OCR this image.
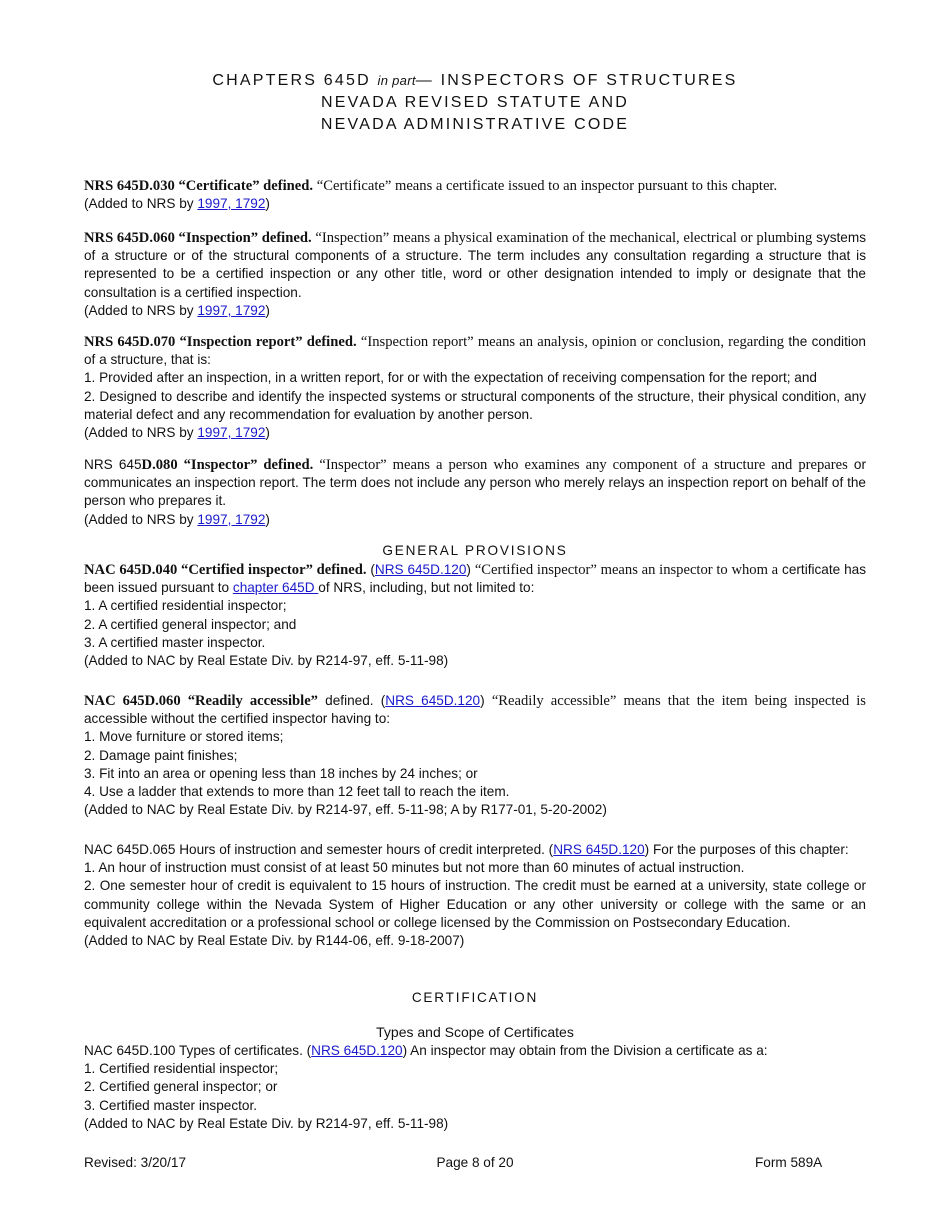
CHAPTERS 645D in part— INSPECTORS OF STRUCTURES
NEVADA REVISED STATUTE AND
NEVADA ADMINISTRATIVE CODE
NRS 645D.030 “Certificate” defined. “Certificate” means a certificate issued to an inspector pursuant to this chapter.
(Added to NRS by 1997, 1792)
NRS 645D.060 “Inspection” defined. “Inspection” means a physical examination of the mechanical, electrical or plumbing systems of a structure or of the structural components of a structure. The term includes any consultation regarding a structure that is represented to be a certified inspection or any other title, word or other designation intended to imply or designate that the consultation is a certified inspection.
(Added to NRS by 1997, 1792)
NRS 645D.070 “Inspection report” defined. “Inspection report” means an analysis, opinion or conclusion, regarding the condition of a structure, that is:
1. Provided after an inspection, in a written report, for or with the expectation of receiving compensation for the report; and
2. Designed to describe and identify the inspected systems or structural components of the structure, their physical condition, any material defect and any recommendation for evaluation by another person.
(Added to NRS by 1997, 1792)
NRS 645D.080 “Inspector” defined. “Inspector” means a person who examines any component of a structure and prepares or communicates an inspection report. The term does not include any person who merely relays an inspection report on behalf of the person who prepares it.
(Added to NRS by 1997, 1792)
GENERAL PROVISIONS
NAC 645D.040 “Certified inspector” defined. (NRS 645D.120) “Certified inspector” means an inspector to whom a certificate has been issued pursuant to chapter 645D of NRS, including, but not limited to:
1. A certified residential inspector;
2. A certified general inspector; and
3. A certified master inspector.
(Added to NAC by Real Estate Div. by R214-97, eff. 5-11-98)
NAC 645D.060 “Readily accessible” defined. (NRS 645D.120) “Readily accessible” means that the item being inspected is accessible without the certified inspector having to:
1. Move furniture or stored items;
2. Damage paint finishes;
3. Fit into an area or opening less than 18 inches by 24 inches; or
4. Use a ladder that extends to more than 12 feet tall to reach the item.
(Added to NAC by Real Estate Div. by R214-97, eff. 5-11-98; A by R177-01, 5-20-2002)
NAC 645D.065 Hours of instruction and semester hours of credit interpreted. (NRS 645D.120) For the purposes of this chapter:
1. An hour of instruction must consist of at least 50 minutes but not more than 60 minutes of actual instruction.
2. One semester hour of credit is equivalent to 15 hours of instruction. The credit must be earned at a university, state college or community college within the Nevada System of Higher Education or any other university or college with the same or an equivalent accreditation or a professional school or college licensed by the Commission on Postsecondary Education.
(Added to NAC by Real Estate Div. by R144-06, eff. 9-18-2007)
CERTIFICATION
Types and Scope of Certificates
NAC 645D.100 Types of certificates. (NRS 645D.120) An inspector may obtain from the Division a certificate as a:
1. Certified residential inspector;
2. Certified general inspector; or
3. Certified master inspector.
(Added to NAC by Real Estate Div. by R214-97, eff. 5-11-98)
Revised: 3/20/17	Page 8 of 20	Form 589A
